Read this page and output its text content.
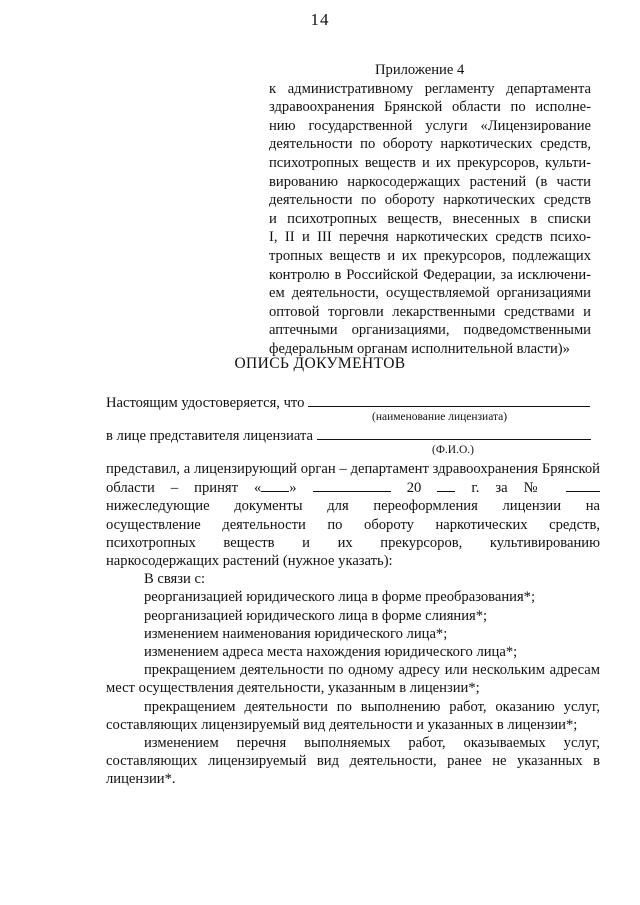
14
Приложение 4
к административному регламенту департамента
здравоохранения Брянской области по исполне-
нию государственной услуги «Лицензирование
деятельности по обороту наркотических средств,
психотропных веществ и их прекурсоров, культи-
вированию наркосодержащих растений (в части
деятельности по обороту наркотических средств
и психотропных веществ, внесенных в списки
I, II и III перечня наркотических средств психо-
тропных веществ и их прекурсоров, подлежащих
контролю в Российской Федерации, за исключени-
ем деятельности, осуществляемой организациями
оптовой торговли лекарственными средствами и
аптечными организациями, подведомственными
федеральным органам исполнительной власти)»
ОПИСЬ ДОКУМЕНТОВ
Настоящим удостоверяется, что
(наименование лицензиата)
в лице представителя лицензиата
(Ф.И.О.)
представил, а лицензирующий орган – департамент здравоохранения Брянской
области – принят « »	20	г. за №
нижеследующие документы для переоформления лицензии на
осуществление деятельности по обороту наркотических средств,
психотропных веществ и их прекурсоров, культивированию
наркосодержащих растений (нужное указать):
В связи с:
реорганизацией юридического лица в форме преобразования*;
реорганизацией юридического лица в форме слияния*;
изменением наименования юридического лица*;
изменением адреса места нахождения юридического лица*;
прекращением деятельности по одному адресу или нескольким адресам мест осуществления деятельности, указанным в лицензии*;
прекращением деятельности по выполнению работ, оказанию услуг, составляющих лицензируемый вид деятельности и указанных в лицензии*;
изменением перечня выполняемых работ, оказываемых услуг, составляющих лицензируемый вид деятельности, ранее не указанных в лицензии*.
